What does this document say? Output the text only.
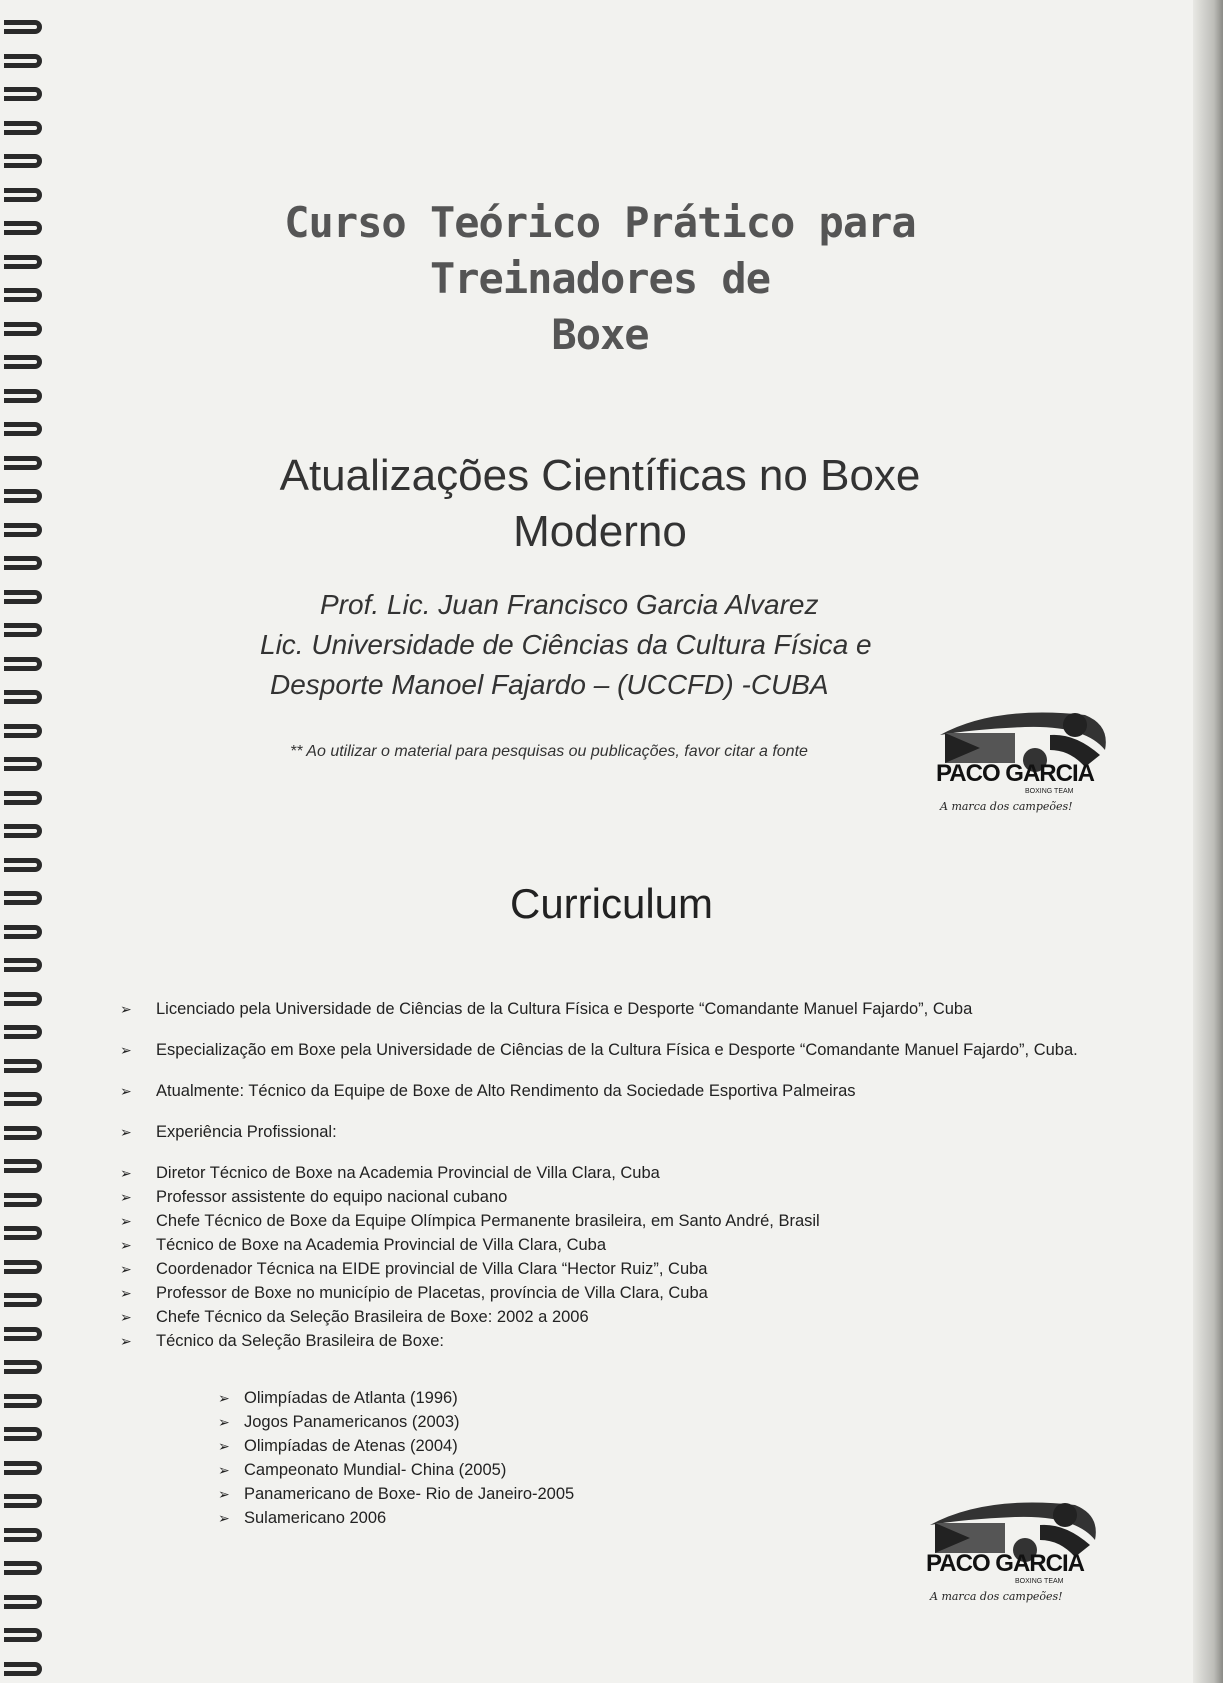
Curso Teórico Prático para Treinadores de
Boxe
Atualizações Científicas no Boxe
Moderno
Prof. Lic. Juan Francisco Garcia Alvarez
Lic. Universidade de Ciências da Cultura Física e
Desporte Manoel Fajardo – (UCCFD) -CUBA
** Ao utilizar o material para pesquisas ou publicações, favor citar a fonte
PACO GARCIA
BOXING TEAM
A marca dos campeões!
Curriculum
➢ Licenciado pela Universidade de Ciências de la Cultura Física e Desporte “Comandante Manuel Fajardo”, Cuba
➢ Especialização em Boxe pela Universidade de Ciências de la Cultura Física e Desporte “Comandante Manuel Fajardo”, Cuba.
➢ Atualmente: Técnico da Equipe de Boxe de Alto Rendimento da Sociedade Esportiva Palmeiras
➢ Experiência Profissional:
➢ Diretor Técnico de Boxe na Academia Provincial de Villa Clara, Cuba
➢ Professor assistente do equipo nacional cubano
➢ Chefe Técnico de Boxe da Equipe Olímpica Permanente brasileira, em Santo André, Brasil
➢ Técnico de Boxe na Academia Provincial de Villa Clara, Cuba
➢ Coordenador Técnica na EIDE provincial de Villa Clara “Hector Ruiz”, Cuba
➢ Professor de Boxe no município de Placetas, província de Villa Clara, Cuba
➢ Chefe Técnico da Seleção Brasileira de Boxe: 2002 a 2006
➢ Técnico da Seleção Brasileira de Boxe:
➢ Olimpíadas de Atlanta (1996)
➢ Jogos Panamericanos (2003)
➢ Olimpíadas de Atenas (2004)
➢ Campeonato Mundial- China (2005)
➢ Panamericano de Boxe- Rio de Janeiro-2005
➢ Sulamericano 2006
PACO GARCIA
BOXING TEAM
A marca dos campeões!
